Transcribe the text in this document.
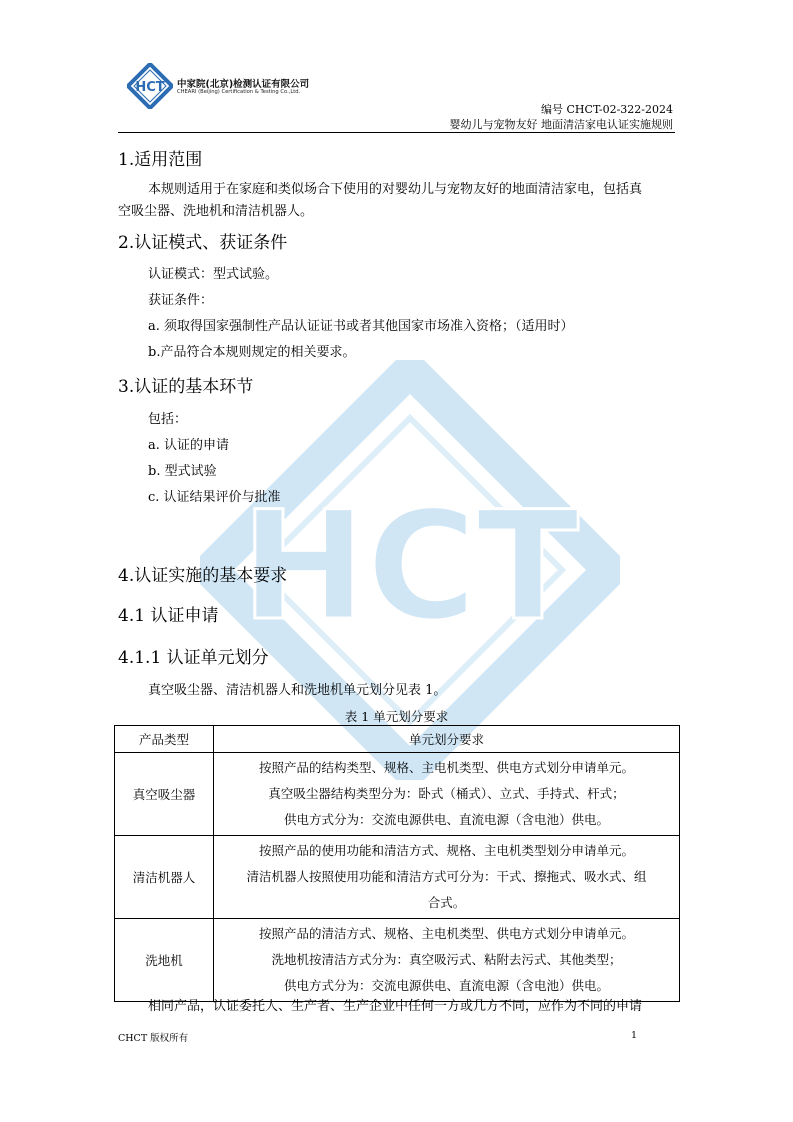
HCT
HCT 中家院(北京)检测认证有限公司
CHEARI (Beijing) Certification & Testing Co.,Ltd.
编号 CHCT-02-322-2024
婴幼儿与宠物友好 地面清洁家电认证实施规则
1.适用范围
本规则适用于在家庭和类似场合下使用的对婴幼儿与宠物友好的地面清洁家电，包括真
空吸尘器、洗地机和清洁机器人。
2.认证模式、获证条件
认证模式：型式试验。
获证条件：
a. 须取得国家强制性产品认证证书或者其他国家市场准入资格；（适用时）
b.产品符合本规则规定的相关要求。
3.认证的基本环节
包括：
a. 认证的申请
b. 型式试验
c. 认证结果评价与批准
4.认证实施的基本要求
4.1 认证申请
4.1.1 认证单元划分
真空吸尘器、清洁机器人和洗地机单元划分见表 1。
表 1 单元划分要求
产品类型	单元划分要求
真空吸尘器	按照产品的结构类型、规格、主电机类型、供电方式划分申请单元。
真空吸尘器结构类型分为：卧式（桶式）、立式、手持式、杆式；
供电方式分为：交流电源供电、直流电源（含电池）供电。

清洁机器人	按照产品的使用功能和清洁方式、规格、主电机类型划分申请单元。
清洁机器人按照使用功能和清洁方式可分为：干式、擦拖式、吸水式、组
合式。

洗地机	按照产品的清洁方式、规格、主电机类型、供电方式划分申请单元。
洗地机按清洁方式分为：真空吸污式、粘附去污式、其他类型；
供电方式分为：交流电源供电、直流电源（含电池）供电。
相同产品，认证委托人、生产者、生产企业中任何一方或几方不同，应作为不同的申请
CHCT 版权所有	1
